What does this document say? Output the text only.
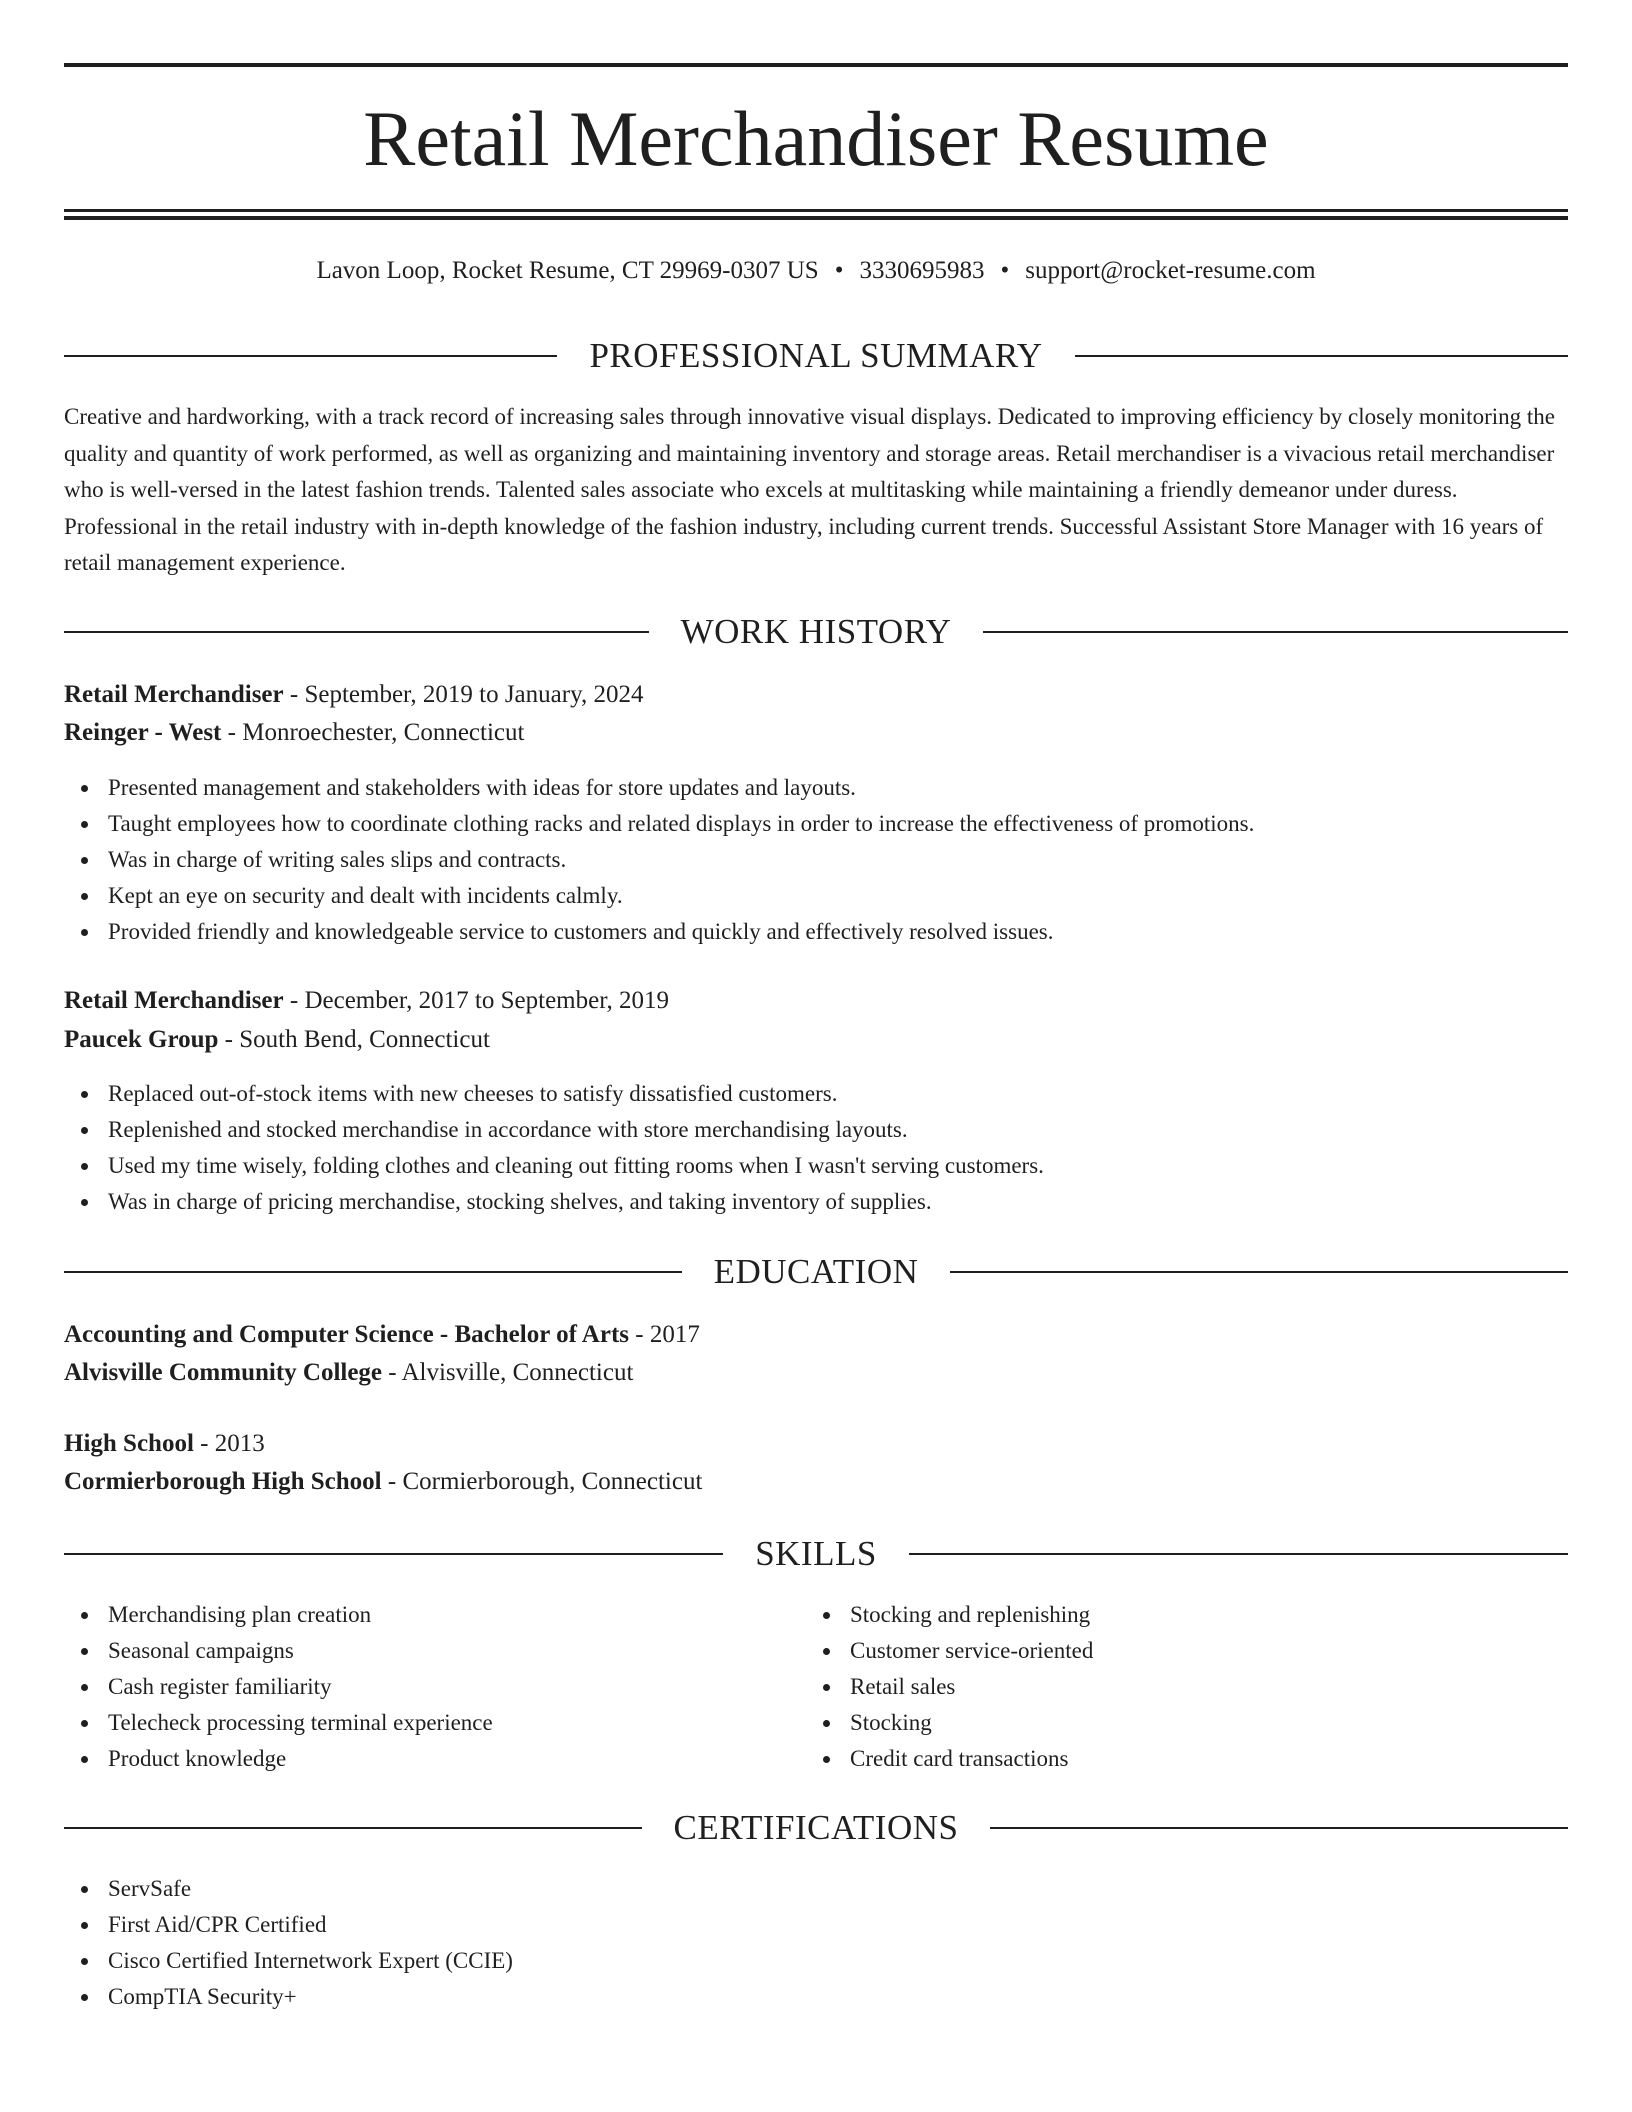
Retail Merchandiser Resume
Lavon Loop, Rocket Resume, CT 29969-0307 US • 3330695983 • support@rocket-resume.com
PROFESSIONAL SUMMARY

Creative and hardworking, with a track record of increasing sales through innovative visual displays. Dedicated to improving efficiency by closely monitoring the quality and quantity of work performed, as well as organizing and maintaining inventory and storage areas. Retail merchandiser is a vivacious retail merchandiser who is well-versed in the latest fashion trends. Talented sales associate who excels at multitasking while maintaining a friendly demeanor under duress. Professional in the retail industry with in-depth knowledge of the fashion industry, including current trends. Successful Assistant Store Manager with 16 years of retail management experience.

WORK HISTORY
Retail Merchandiser - September, 2019 to January, 2024
Reinger - West - Monroechester, Connecticut
Presented management and stakeholders with ideas for store updates and layouts.
Taught employees how to coordinate clothing racks and related displays in order to increase the effectiveness of promotions.
Was in charge of writing sales slips and contracts.
Kept an eye on security and dealt with incidents calmly.
Provided friendly and knowledgeable service to customers and quickly and effectively resolved issues.
Retail Merchandiser - December, 2017 to September, 2019
Paucek Group - South Bend, Connecticut
Replaced out-of-stock items with new cheeses to satisfy dissatisfied customers.
Replenished and stocked merchandise in accordance with store merchandising layouts.
Used my time wisely, folding clothes and cleaning out fitting rooms when I wasn't serving customers.
Was in charge of pricing merchandise, stocking shelves, and taking inventory of supplies.
EDUCATION
Accounting and Computer Science - Bachelor of Arts - 2017
Alvisville Community College - Alvisville, Connecticut
High School - 2013
Cormierborough High School - Cormierborough, Connecticut
SKILLS
Merchandising plan creation
Seasonal campaigns
Cash register familiarity
Telecheck processing terminal experience
Product knowledge
Stocking and replenishing
Customer service-oriented
Retail sales
Stocking
Credit card transactions
CERTIFICATIONS
ServSafe
First Aid/CPR Certified
Cisco Certified Internetwork Expert (CCIE)
CompTIA Security+
